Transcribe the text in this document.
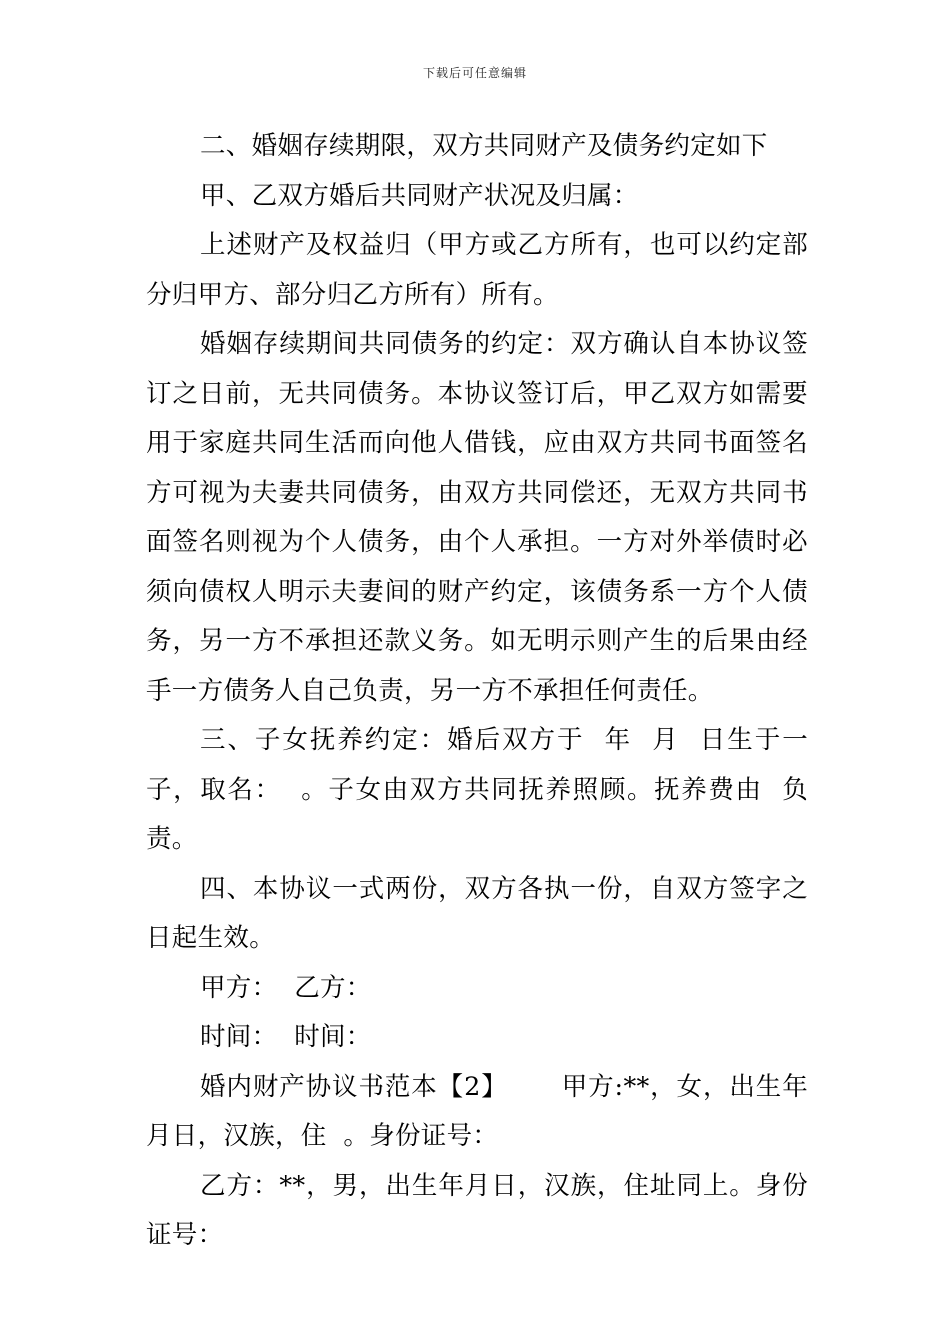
下载后可任意编辑

二、婚姻存续期限，双方共同财产及债务约定如下

甲、乙双方婚后共同财产状况及归属：

上述财产及权益归（甲方或乙方所有，也可以约定部分归甲方、部分归乙方所有）所有。

婚姻存续期间共同债务的约定：双方确认自本协议签订之日前，无共同债务。本协议签订后，甲乙双方如需要用于家庭共同生活而向他人借钱，应由双方共同书面签名方可视为夫妻共同债务，由双方共同偿还，无双方共同书面签名则视为个人债务，由个人承担。一方对外举债时必须向债权人明示夫妻间的财产约定，该债务系一方个人债务，另一方不承担还款义务。如无明示则产生的后果由经手一方债务人自己负责，另一方不承担任何责任。

三、子女抚养约定：婚后双方于  年  月  日生于一子，取名：  。子女由双方共同抚养照顾。抚养费由  负责。

四、本协议一式两份，双方各执一份，自双方签字之日起生效。

甲方：  乙方：

时间：  时间：

婚内财产协议书范本【2】      甲方:**，女，出生年月日，汉族，住  。身份证号：

乙方：**，男，出生年月日，汉族，住址同上。身份证号：
